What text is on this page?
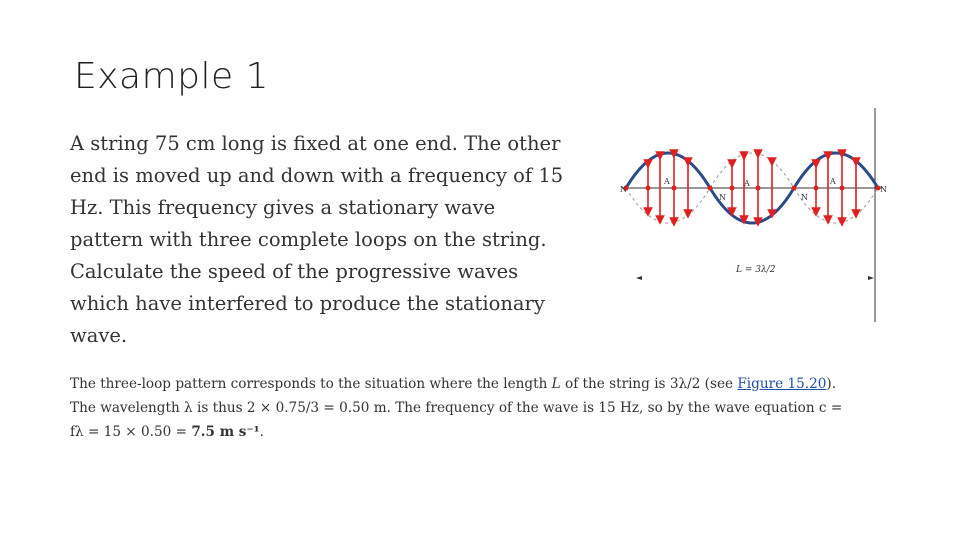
Example 1
A string 75 cm long is fixed at one end. The other
end is moved up and down with a frequency of 15
Hz. This frequency gives a stationary wave
pattern with three complete loops on the string.
Calculate the speed of the progressive waves
which have interfered to produce the stationary
wave.
The three-loop pattern corresponds to the situation where the length L of the string is 3λ/2 (see Figure 15.20).
The wavelength λ is thus 2 × 0.75/3 = 0.50 m. The frequency of the wave is 15 Hz, so by the wave equation c =
fλ = 15 × 0.50 = 7.5 m s⁻¹.
N
N	N
N
A	A	A
L = 3λ/2
